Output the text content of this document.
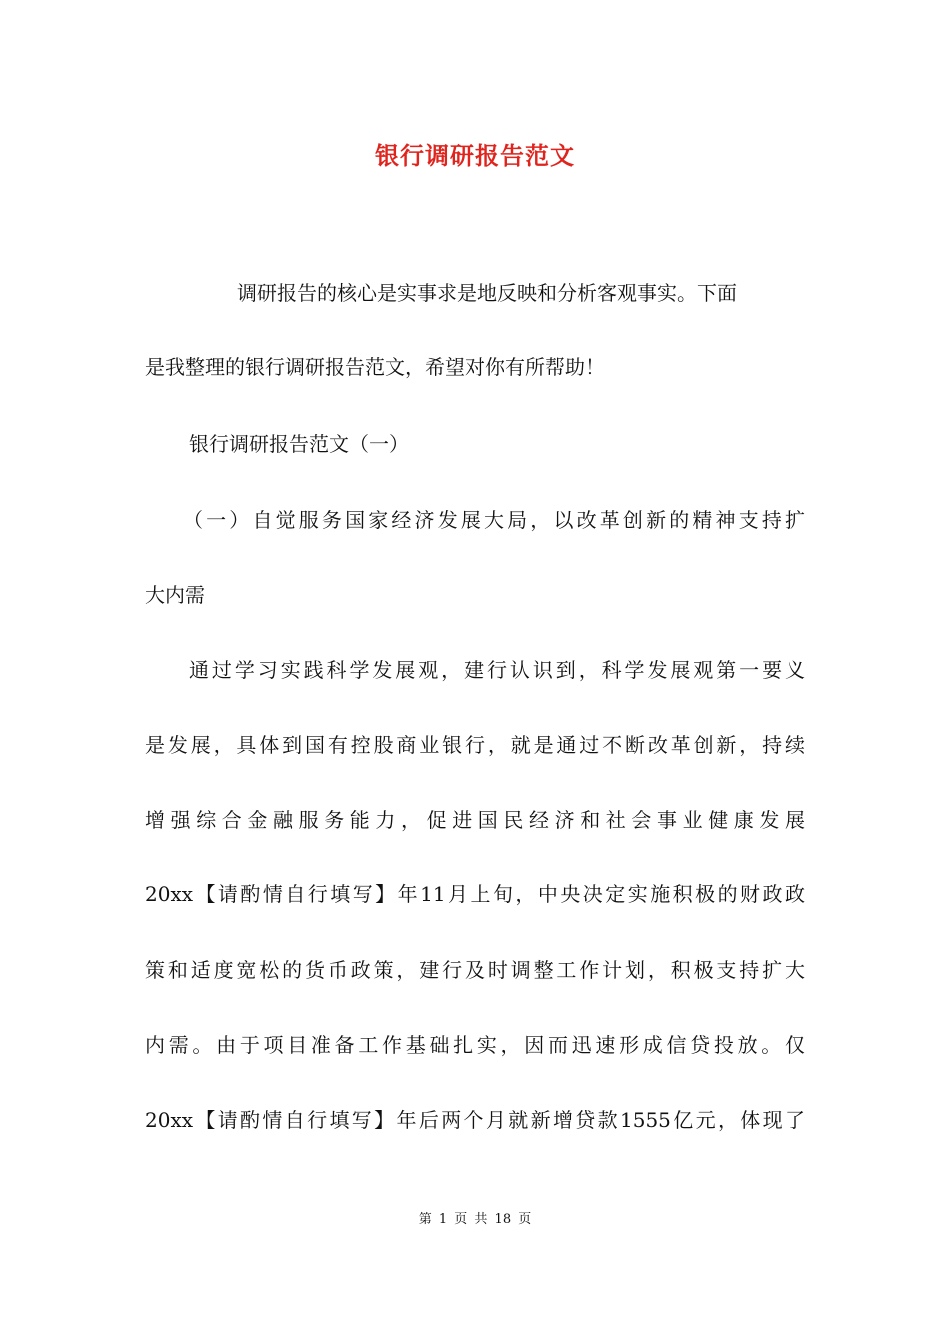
银行调研报告范文
调研报告的核心是实事求是地反映和分析客观事实。下面
是我整理的银行调研报告范文，希望对你有所帮助！
银行调研报告范文（一）
（一）自觉服务国家经济发展大局，以改革创新的精神支持扩
大内需
通过学习实践科学发展观，建行认识到，科学发展观第一要义
是发展，具体到国有控股商业银行，就是通过不断改革创新，持续
增强综合金融服务能力，促进国民经济和社会事业健康发展
20xx【请酌情自行填写】年11月上旬，中央决定实施积极的财政政
策和适度宽松的货币政策，建行及时调整工作计划，积极支持扩大
内需。由于项目准备工作基础扎实，因而迅速形成信贷投放。仅
20xx【请酌情自行填写】年后两个月就新增贷款1555亿元，体现了
第 1 页 共 18 页
